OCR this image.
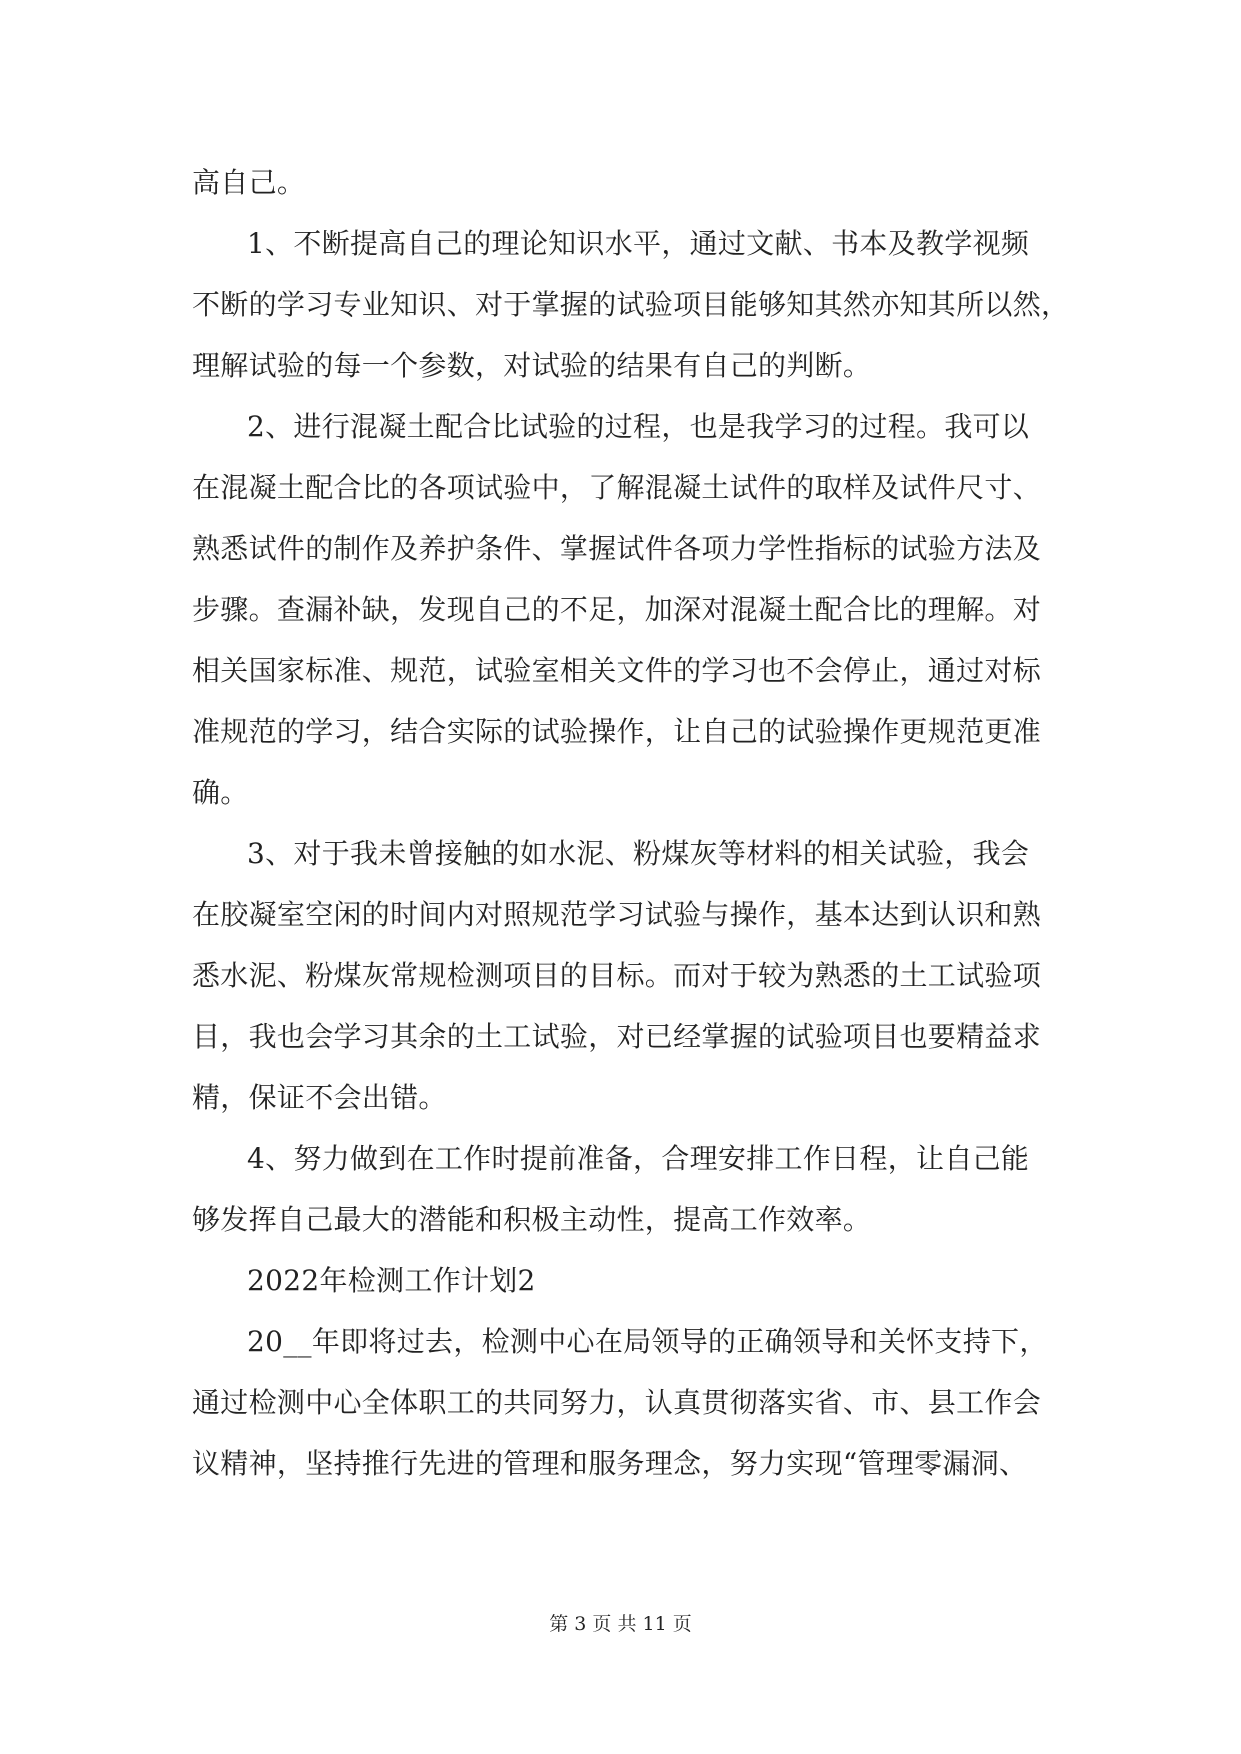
高自己。
1、不断提高自己的理论知识水平，通过文献、书本及教学视频
不断的学习专业知识、对于掌握的试验项目能够知其然亦知其所以然，
理解试验的每一个参数，对试验的结果有自己的判断。
2、进行混凝土配合比试验的过程，也是我学习的过程。我可以
在混凝土配合比的各项试验中，了解混凝土试件的取样及试件尺寸、
熟悉试件的制作及养护条件、掌握试件各项力学性指标的试验方法及
步骤。查漏补缺，发现自己的不足，加深对混凝土配合比的理解。对
相关国家标准、规范，试验室相关文件的学习也不会停止，通过对标
准规范的学习，结合实际的试验操作，让自己的试验操作更规范更准
确。
3、对于我未曾接触的如水泥、粉煤灰等材料的相关试验，我会
在胶凝室空闲的时间内对照规范学习试验与操作，基本达到认识和熟
悉水泥、粉煤灰常规检测项目的目标。而对于较为熟悉的土工试验项
目，我也会学习其余的土工试验，对已经掌握的试验项目也要精益求
精，保证不会出错。
4、努力做到在工作时提前准备，合理安排工作日程，让自己能
够发挥自己最大的潜能和积极主动性，提高工作效率。
2022年检测工作计划2
20__年即将过去，检测中心在局领导的正确领导和关怀支持下，
通过检测中心全体职工的共同努力，认真贯彻落实省、市、县工作会
议精神，坚持推行先进的管理和服务理念，努力实现“管理零漏洞、
第 3 页 共 11 页
